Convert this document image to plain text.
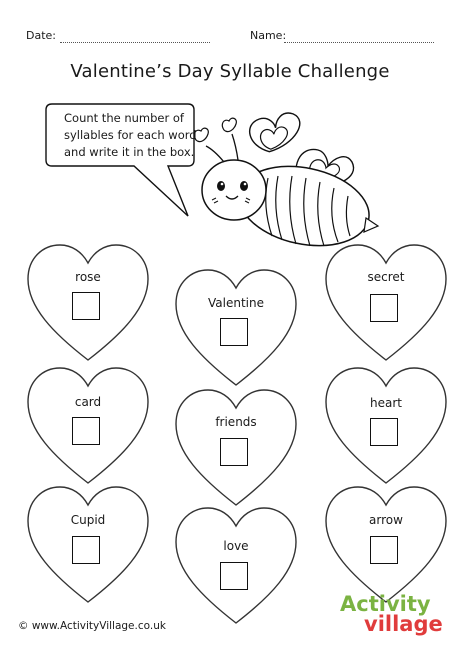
Date:	Name:
Valentine’s Day Syllable Challenge
Count the number of
syllables for each word
and write it in the box.
rose
Valentine
secret
card
friends
heart
Cupid
love
arrow
© www.ActivityVillage.co.uk
Activity
village
